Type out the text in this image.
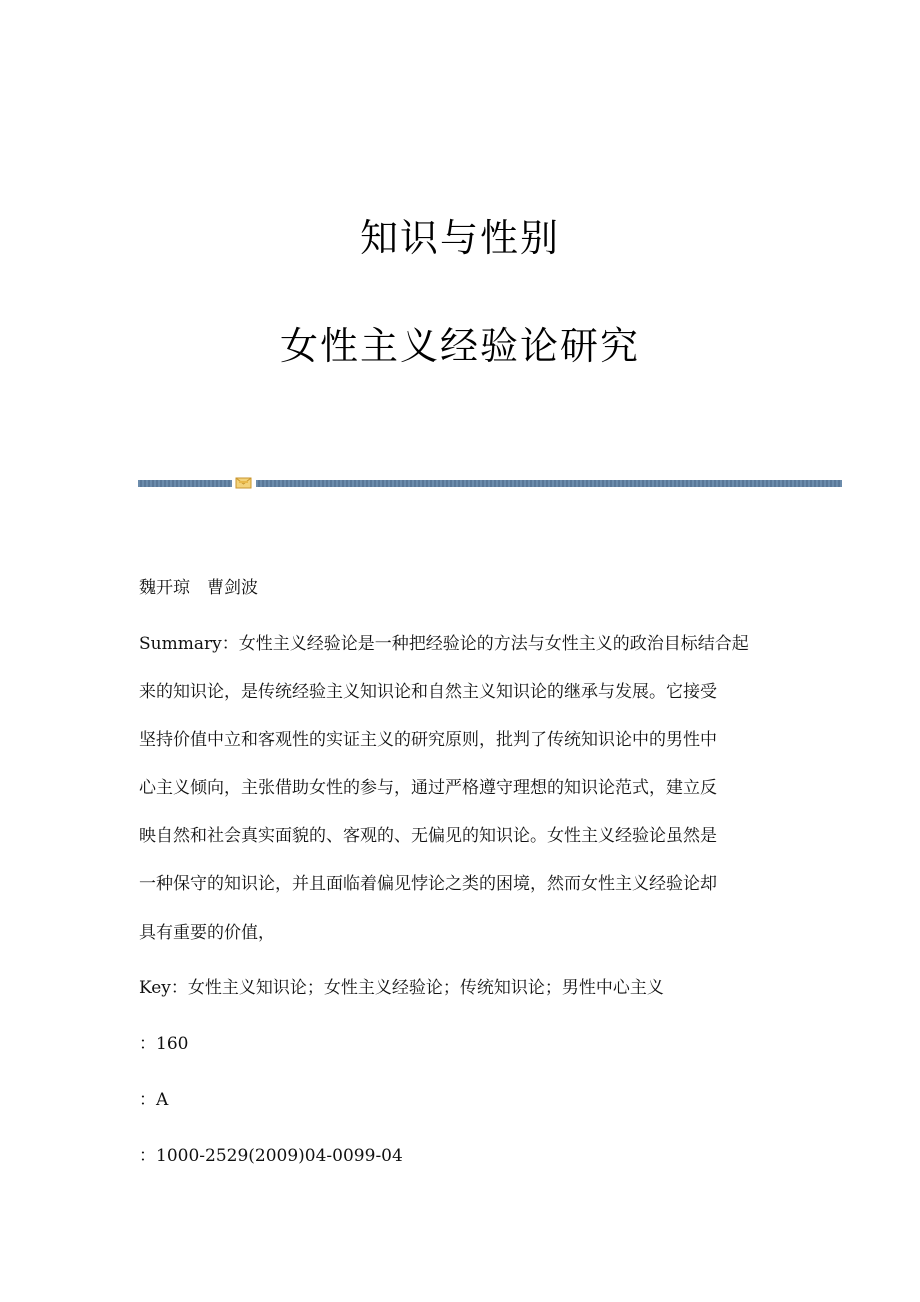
知识与性别
女性主义经验论研究
魏开琼　曹剑波
Summary：女性主义经验论是一种把经验论的方法与女性主义的政治目标结合起
来的知识论，是传统经验主义知识论和自然主义知识论的继承与发展。它接受
坚持价值中立和客观性的实证主义的研究原则，批判了传统知识论中的男性中
心主义倾向，主张借助女性的参与，通过严格遵守理想的知识论范式，建立反
映自然和社会真实面貌的、客观的、无偏见的知识论。女性主义经验论虽然是
一种保守的知识论，并且面临着偏见悖论之类的困境，然而女性主义经验论却
具有重要的价值，
Key：女性主义知识论；女性主义经验论；传统知识论；男性中心主义
：160
：A
：1000-2529(2009)04-0099-04
